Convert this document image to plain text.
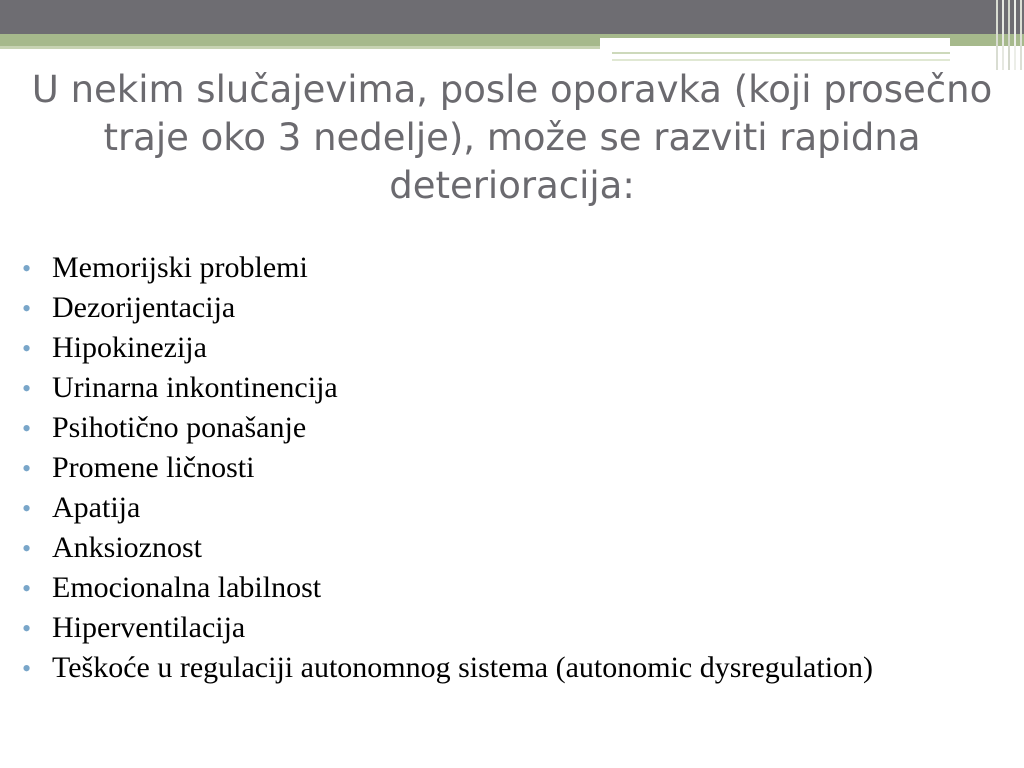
U nekim slučajevima, posle oporavka (koji prosečno traje oko 3 nedelje), može se razviti rapidna deterioracija:
• Memorijski problemi
• Dezorijentacija
• Hipokinezija
• Urinarna inkontinencija
• Psihotično ponašanje
• Promene ličnosti
• Apatija
• Anksioznost
• Emocionalna labilnost
• Hiperventilacija
• Teškoće u regulaciji autonomnog sistema (autonomic dysregulation)
